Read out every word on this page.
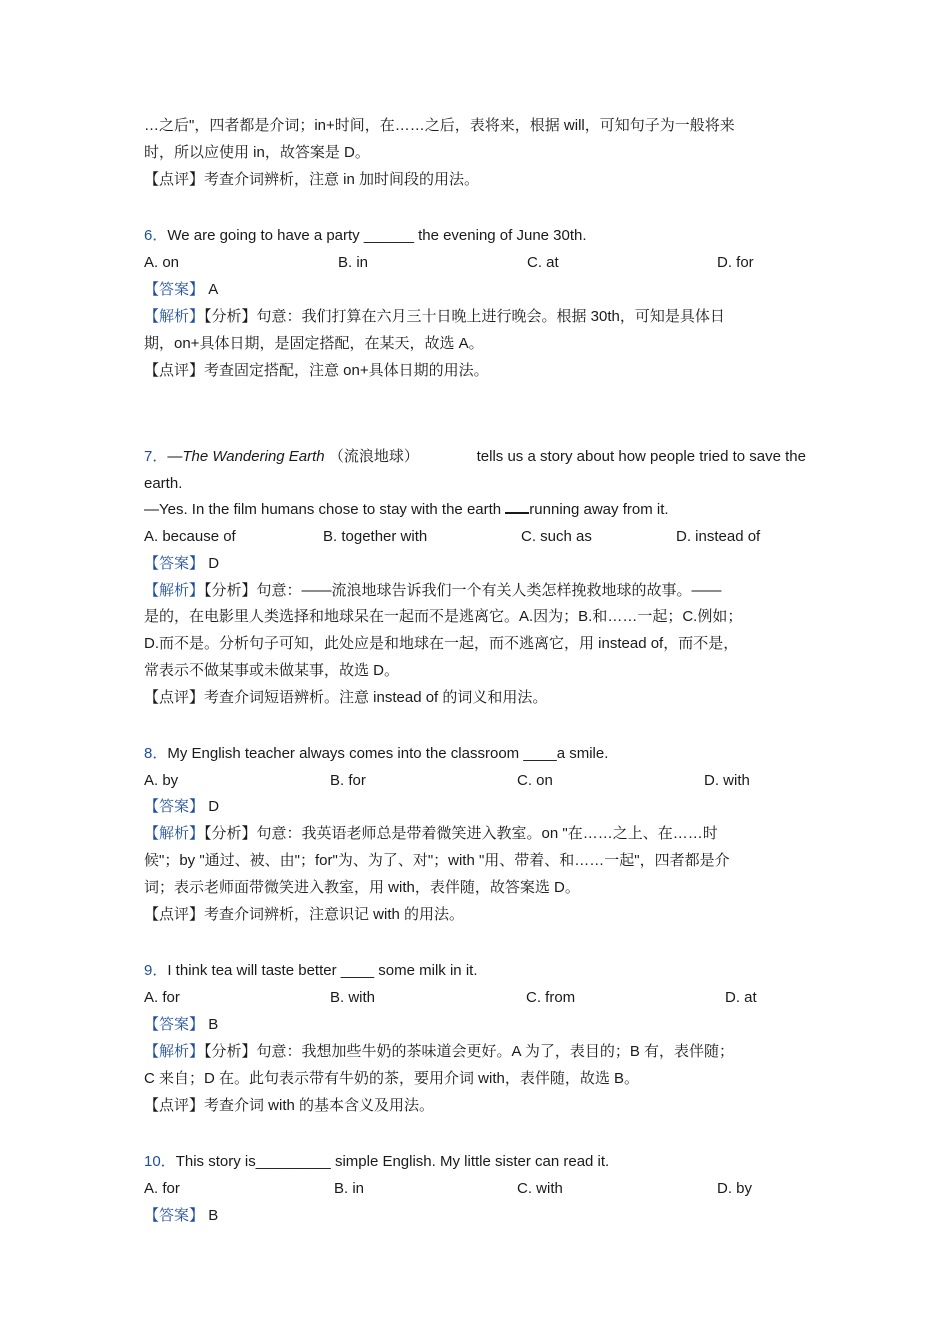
…之后"，四者都是介词；in+时间，在……之后，表将来，根据 will，可知句子为一般将来
时，所以应使用 in，故答案是 D。
【点评】考查介词辨析，注意 in 加时间段的用法。
6．We are going to have a party ______ the evening of June 30th.
A. on	B. in	C. at	D. for
【答案】 A
【解析】【分析】句意：我们打算在六月三十日晚上进行晚会。根据 30th，可知是具体日
期，on+具体日期，是固定搭配，在某天，故选 A。
【点评】考查固定搭配，注意 on+具体日期的用法。
7．—The Wandering Earth （流浪地球）	tells us a story about how people tried to save the
earth.
—Yes. In the film humans chose to stay with the earth running away from it.
A. because of	B. together with	C. such as	D. instead of
【答案】 D
【解析】【分析】句意：——流浪地球告诉我们一个有关人类怎样挽救地球的故事。——
是的，在电影里人类选择和地球呆在一起而不是逃离它。A.因为；B.和……一起；C.例如；
D.而不是。分析句子可知，此处应是和地球在一起，而不逃离它，用 instead of，而不是，
常表示不做某事或未做某事，故选 D。
【点评】考查介词短语辨析。注意 instead of 的词义和用法。
8．My English teacher always comes into the classroom ____a smile.
A. by	B. for	C. on	D. with
【答案】 D
【解析】【分析】句意：我英语老师总是带着微笑进入教室。on "在……之上、在……时
候"；by "通过、被、由"；for"为、为了、对"；with "用、带着、和……一起"，四者都是介
词；表示老师面带微笑进入教室，用 with，表伴随，故答案选 D。
【点评】考查介词辨析，注意识记 with 的用法。
9．I think tea will taste better ____ some milk in it.
A. for	B. with	C. from	D. at
【答案】 B
【解析】【分析】句意：我想加些牛奶的茶味道会更好。A 为了，表目的；B 有，表伴随；
C 来自；D 在。此句表示带有牛奶的茶，要用介词 with，表伴随，故选 B。
【点评】考查介词 with 的基本含义及用法。
10．This story is_________ simple English. My little sister can read it.
A. for	B. in	C. with	D. by
【答案】 B
